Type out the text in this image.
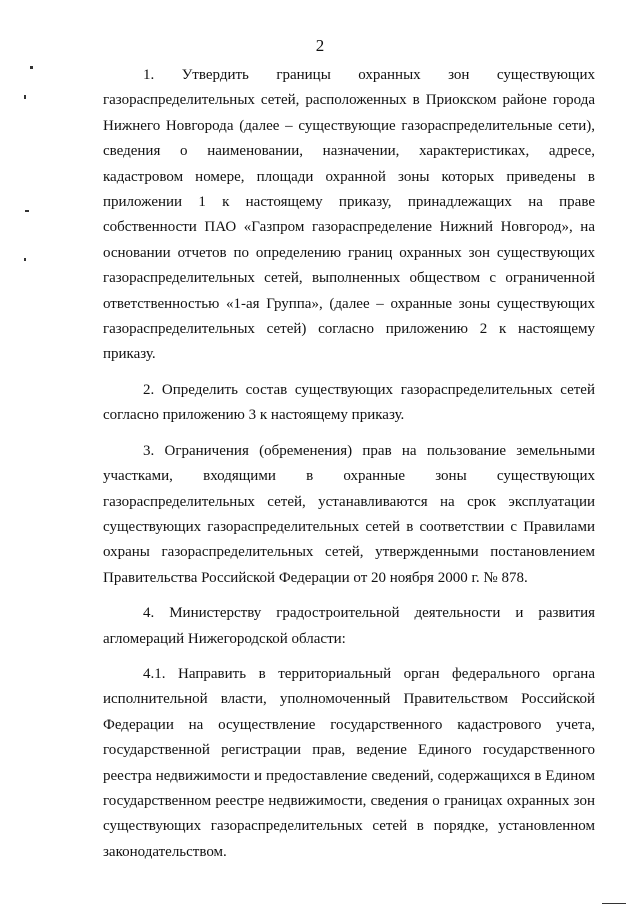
2

1. Утвердить границы охранных зон существующих газораспределительных сетей, расположенных в Приокском районе города Нижнего Новгорода (далее – существующие газораспределительные сети), сведения о наименовании, назначении, характеристиках, адресе, кадастровом номере, площади охранной зоны которых приведены в приложении 1 к настоящему приказу, принадлежащих на праве собственности ПАО «Газпром газораспределение Нижний Новгород», на основании отчетов по определению границ охранных зон существующих газораспределительных сетей, выполненных обществом с ограниченной ответственностью «1-ая Группа», (далее – охранные зоны существующих газораспределительных сетей) согласно приложению 2 к настоящему приказу.

2. Определить состав существующих газораспределительных сетей согласно приложению 3 к настоящему приказу.

3. Ограничения (обременения) прав на пользование земельными участками, входящими в охранные зоны существующих газораспределительных сетей, устанавливаются на срок эксплуатации существующих газораспределительных сетей в соответствии с Правилами охраны газораспределительных сетей, утвержденными постановлением Правительства Российской Федерации от 20 ноября 2000 г. № 878.

4. Министерству градостроительной деятельности и развития агломераций Нижегородской области:

4.1. Направить в территориальный орган федерального органа исполнительной власти, уполномоченный Правительством Российской Федерации на осуществление государственного кадастрового учета, государственной регистрации прав, ведение Единого государственного реестра недвижимости и предоставление сведений, содержащихся в Едином государственном реестре недвижимости, сведения о границах охранных зон существующих газораспределительных сетей в порядке, установленном законодательством.
